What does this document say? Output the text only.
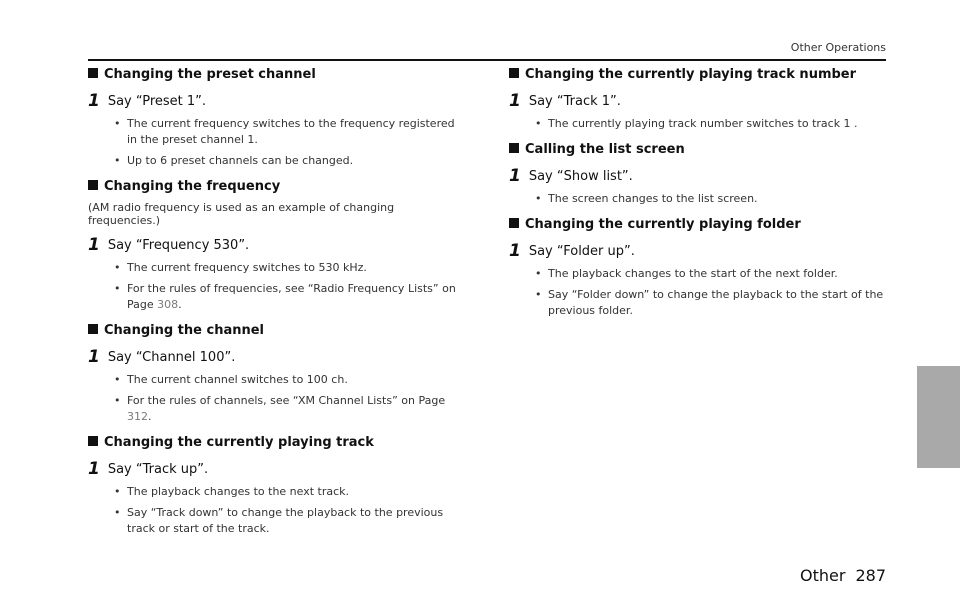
Other Operations
Changing the preset channel
1 Say “Preset 1”.
• The current frequency switches to the frequency registered in the preset channel 1.
• Up to 6 preset channels can be changed.
Changing the frequency
(AM radio frequency is used as an example of changing frequencies.)
1 Say “Frequency 530”.
• The current frequency switches to 530 kHz.
• For the rules of frequencies, see “Radio Frequency Lists” on Page 308.
Changing the channel
1 Say “Channel 100”.
• The current channel switches to 100 ch.
• For the rules of channels, see “XM Channel Lists” on Page 312.
Changing the currently playing track
1 Say “Track up”.
• The playback changes to the next track.
• Say “Track down” to change the playback to the previous track or start of the track.
Changing the currently playing track number
1 Say “Track 1”.
• The currently playing track number switches to track 1 .
Calling the list screen
1 Say “Show list”.
• The screen changes to the list screen.
Changing the currently playing folder
1 Say “Folder up”.
• The playback changes to the start of the next folder.
• Say “Folder down” to change the playback to the start of the previous folder.
Other 287
